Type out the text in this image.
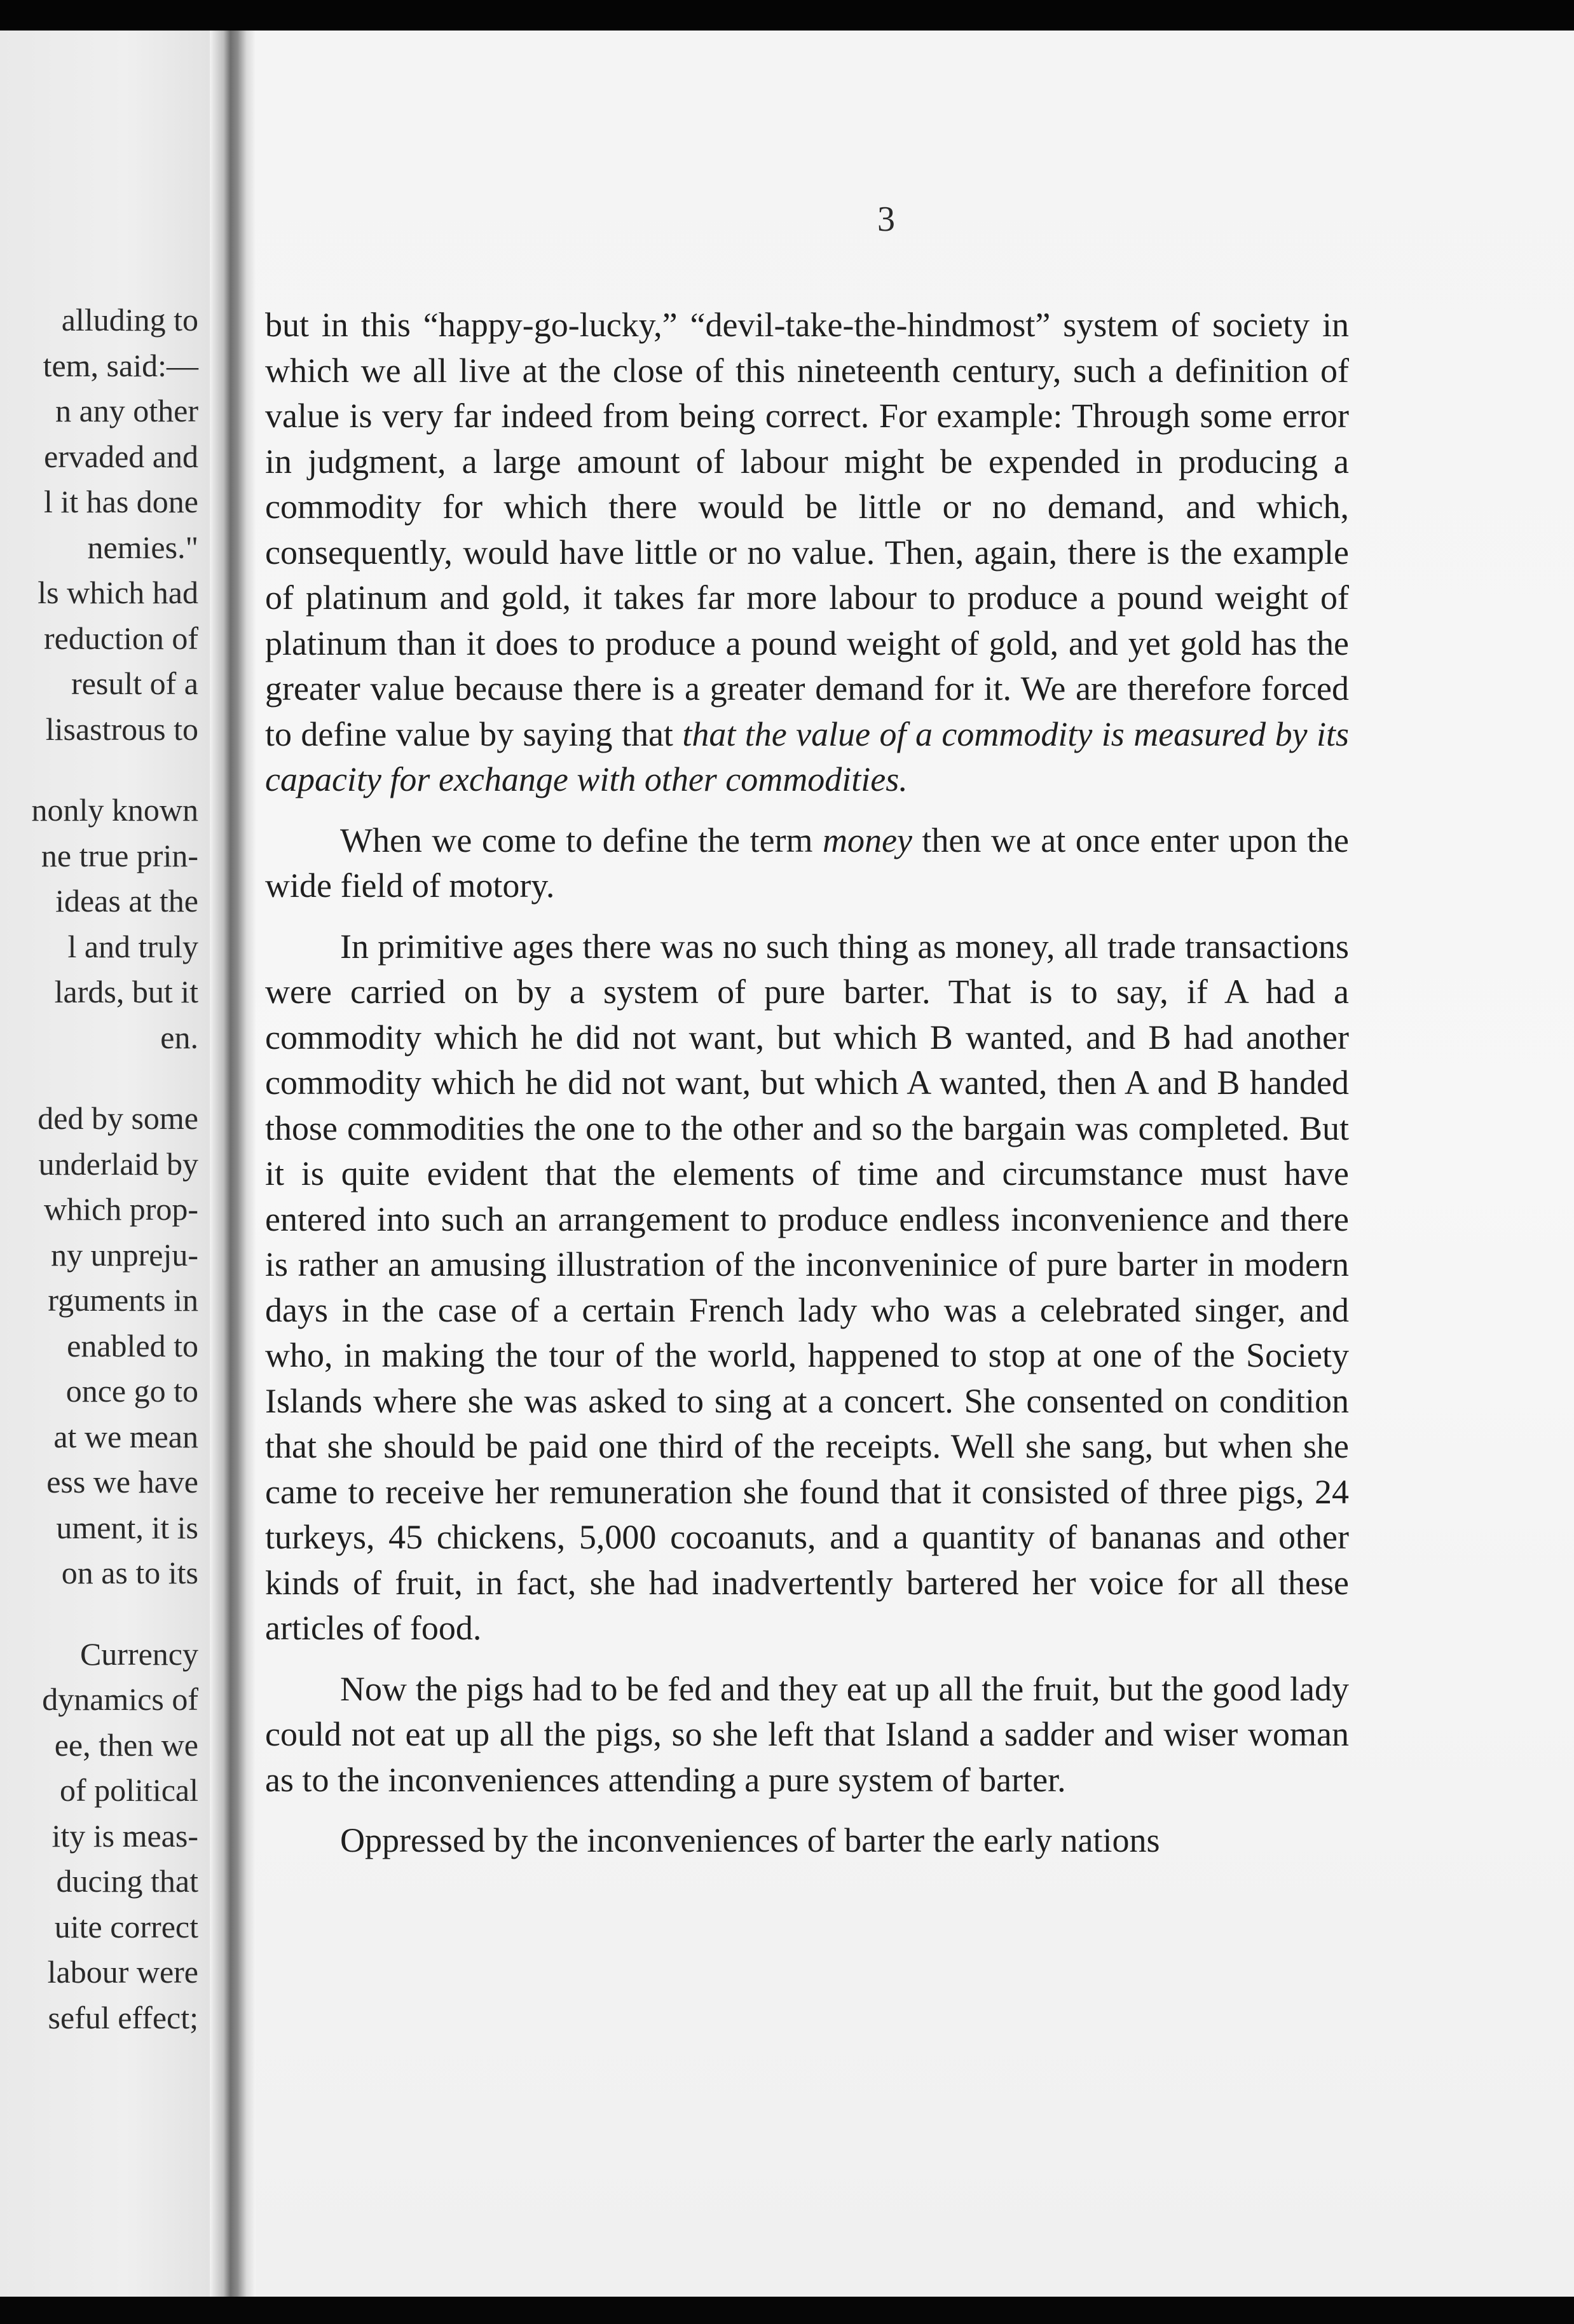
alluding to
tem, said:—
n any other
ervaded and
l it has done
nemies."
ls which had
reduction of
result of a
lisastrous to
nonly known
ne true prin-
ideas at the
l and truly
lards, but it
en.
ded by some
underlaid by
which prop-
ny unpreju-
rguments in
enabled to
once go to
at we mean
ess we have
ument, it is
on as to its
Currency
dynamics of
ee, then we
of political
ity is meas-
ducing that
uite correct
labour were
seful effect;
3

but in this “happy-go-lucky,” “devil-take-the-hindmost” system of society in which we all live at the close of this nineteenth century, such a definition of value is very far indeed from being correct. For example: Through some error in judgment, a large amount of labour might be expended in producing a commodity for which there would be little or no demand, and which, consequently, would have little or no value. Then, again, there is the example of platinum and gold, it takes far more labour to produce a pound weight of platinum than it does to produce a pound weight of gold, and yet gold has the greater value because there is a greater demand for it. We are therefore forced to define value by saying that that the value of a commodity is measured by its capacity for exchange with other commodities.

When we come to define the term money then we at once enter upon the wide field of motory.

In primitive ages there was no such thing as money, all trade transactions were carried on by a system of pure barter. That is to say, if A had a commodity which he did not want, but which B wanted, and B had another commodity which he did not want, but which A wanted, then A and B handed those commodities the one to the other and so the bargain was completed. But it is quite evident that the elements of time and circumstance must have entered into such an arrangement to produce endless inconvenience and there is rather an amusing illustration of the inconveninice of pure barter in modern days in the case of a certain French lady who was a celebrated singer, and who, in making the tour of the world, happened to stop at one of the Society Islands where she was asked to sing at a concert. She consented on condition that she should be paid one third of the receipts. Well she sang, but when she came to receive her remuneration she found that it consisted of three pigs, 24 turkeys, 45 chickens, 5,000 cocoanuts, and a quantity of bananas and other kinds of fruit, in fact, she had inadvertently bartered her voice for all these articles of food.

Now the pigs had to be fed and they eat up all the fruit, but the good lady could not eat up all the pigs, so she left that Island a sadder and wiser woman as to the inconveniences attending a pure system of barter.

Oppressed by the inconveniences of barter the early nations
